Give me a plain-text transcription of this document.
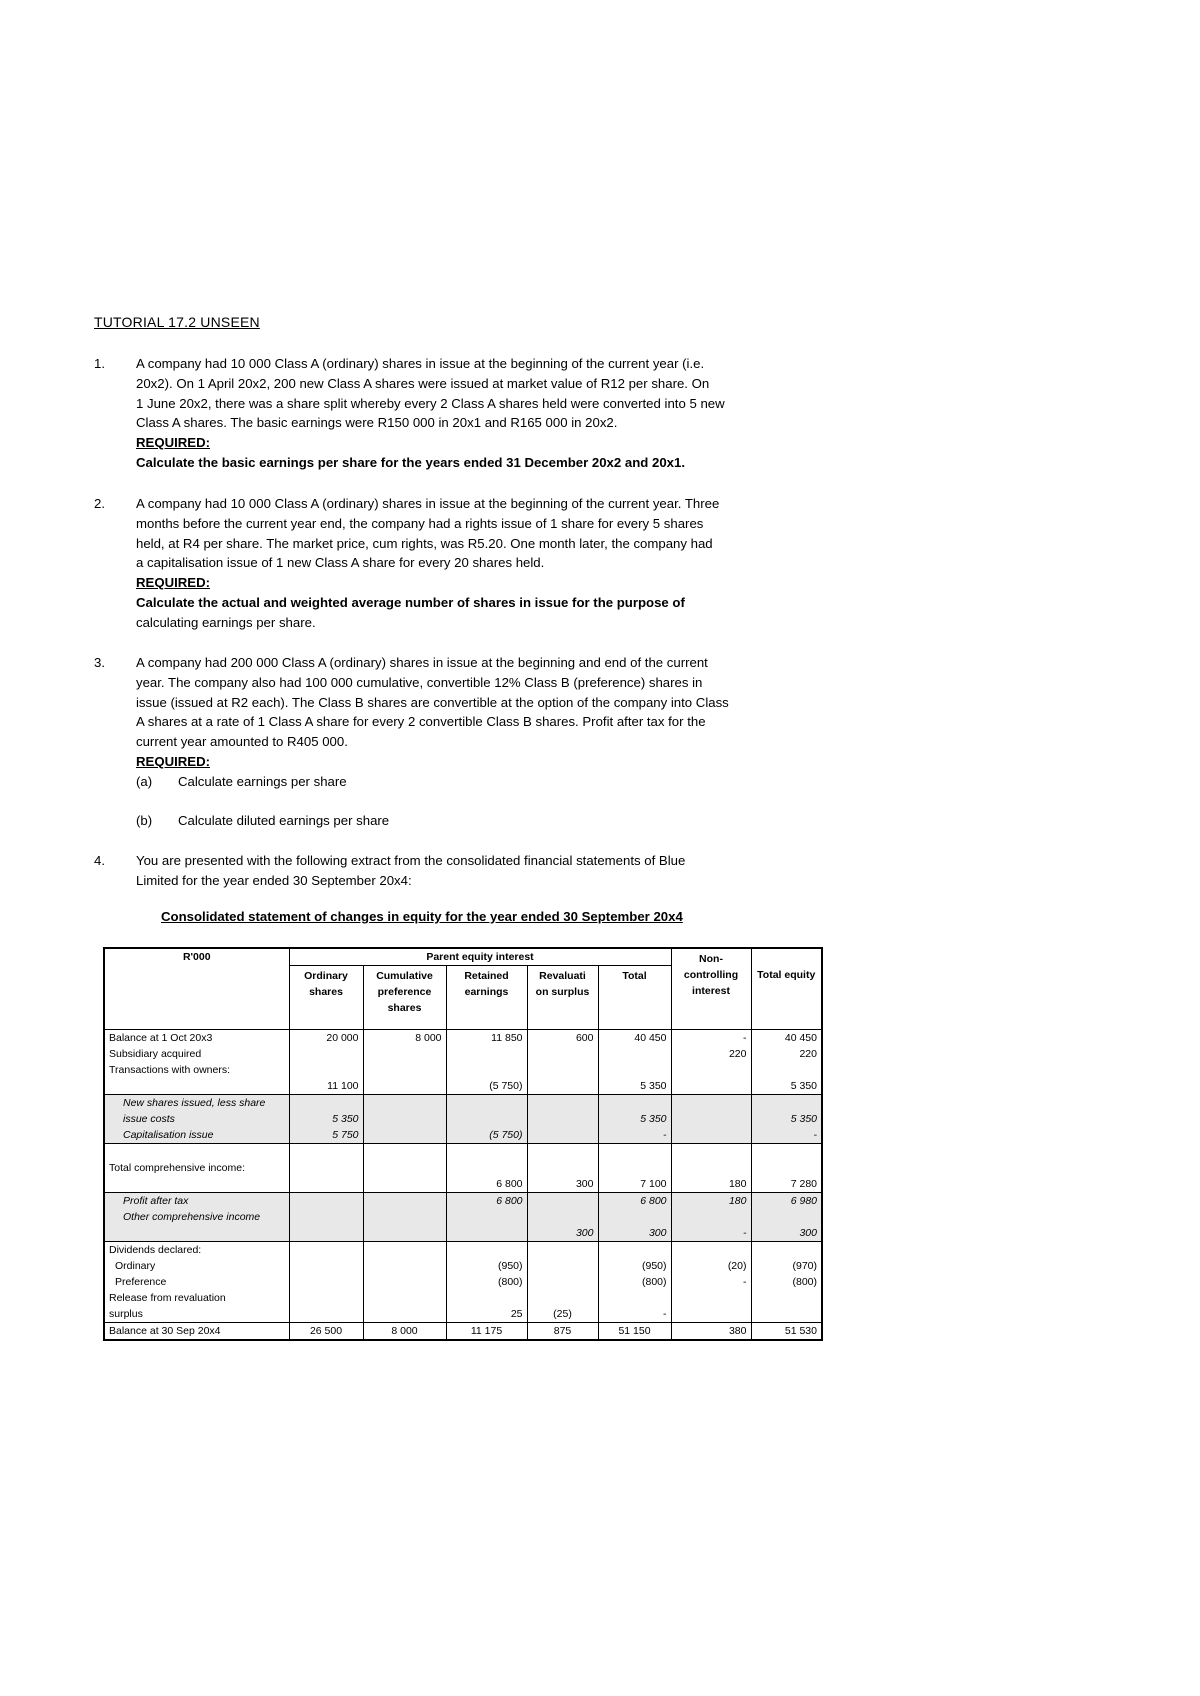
TUTORIAL 17.2 UNSEEN
1. A company had 10 000 Class A (ordinary) shares in issue at the beginning of the current year (i.e.
20x2). On 1 April 20x2, 200 new Class A shares were issued at market value of R12 per share. On
1 June 20x2, there was a share split whereby every 2 Class A shares held were converted into 5 new
Class A shares. The basic earnings were R150 000 in 20x1 and R165 000 in 20x2.
REQUIRED:
Calculate the basic earnings per share for the years ended 31 December 20x2 and 20x1.
2. A company had 10 000 Class A (ordinary) shares in issue at the beginning of the current year. Three
months before the current year end, the company had a rights issue of 1 share for every 5 shares
held, at R4 per share. The market price, cum rights, was R5.20. One month later, the company had
a capitalisation issue of 1 new Class A share for every 20 shares held.
REQUIRED:
Calculate the actual and weighted average number of shares in issue for the purpose of
calculating earnings per share.
3. A company had 200 000 Class A (ordinary) shares in issue at the beginning and end of the current
year. The company also had 100 000 cumulative, convertible 12% Class B (preference) shares in
issue (issued at R2 each). The Class B shares are convertible at the option of the company into Class
A shares at a rate of 1 Class A share for every 2 convertible Class B shares. Profit after tax for the
current year amounted to R405 000.
REQUIRED:
(a)	Calculate earnings per share
(b)	Calculate diluted earnings per share
4. You are presented with the following extract from the consolidated financial statements of Blue
Limited for the year ended 30 September 20x4:
Consolidated statement of changes in equity for the year ended 30 September 20x4
R'000	Parent equity interest					Non-controlling interest	Total equity
	Ordinary shares	Cumulative preference shares	Retained earnings	Revaluati on surplus	Total		
Balance at 1 Oct 20x3	20 000	8 000	11 850	600	40 450	-	40 450
Subsidiary acquired						220	220
Transactions with owners:							
	11 100		(5 750)		5 350		5 350
New shares issued, less share							
issue costs	5 350				5 350		5 350
Capitalisation issue	5 750		(5 750)		-		-

Total comprehensive income:							
			6 800	300	7 100	180	7 280
Profit after tax			6 800		6 800	180	6 980
Other comprehensive income							
				300	300	-	300
Dividends declared:							
Ordinary			(950)		(950)	(20)	(970)
Preference			(800)		(800)	-	(800)
Release from revaluation							
surplus			25	(25)	-		
Balance at 30 Sep 20x4	26 500	8 000	11 175	875	51 150	380	51 530
